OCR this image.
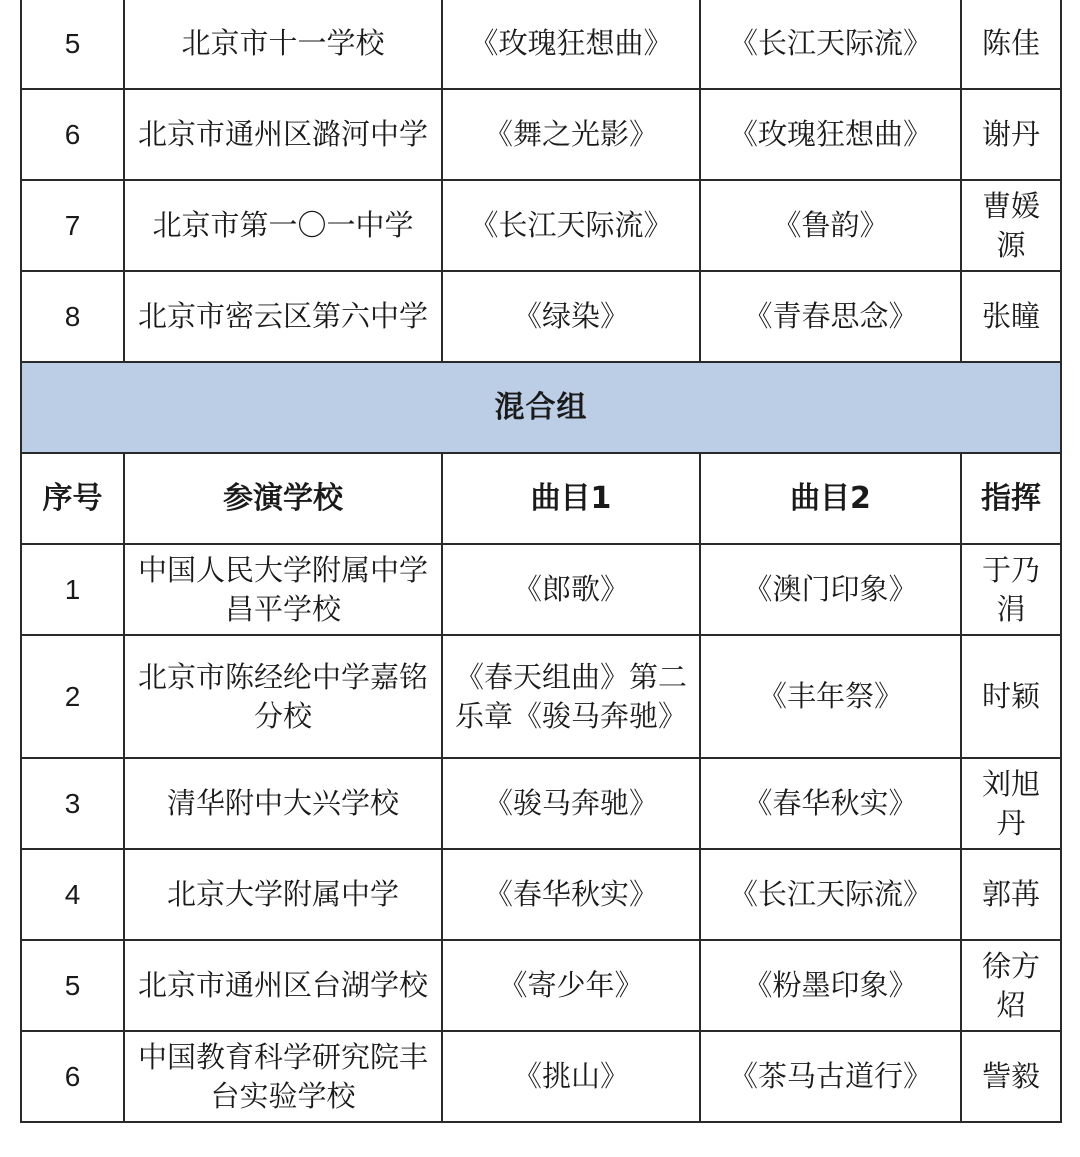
5	北京市十一学校	《玫瑰狂想曲》	《长江天际流》	陈佳
6	北京市通州区潞河中学	《舞之光影》	《玫瑰狂想曲》	谢丹
7	北京市第一〇一中学	《长江天际流》	《鲁韵》	曹媛源
8	北京市密云区第六中学	《绿染》	《青春思念》	张瞳
混合组				
序号	参演学校	曲目1	曲目2	指挥
1	中国人民大学附属中学昌平学校	《郎歌》	《澳门印象》	于乃涓
2	北京市陈经纶中学嘉铭分校	《春天组曲》第二乐章《骏马奔驰》	《丰年祭》	时颖
3	清华附中大兴学校	《骏马奔驰》	《春华秋实》	刘旭丹
4	北京大学附属中学	《春华秋实》	《长江天际流》	郭苒
5	北京市通州区台湖学校	《寄少年》	《粉墨印象》	徐方炤
6	中国教育科学研究院丰台实验学校	《挑山》	《茶马古道行》	訾毅
